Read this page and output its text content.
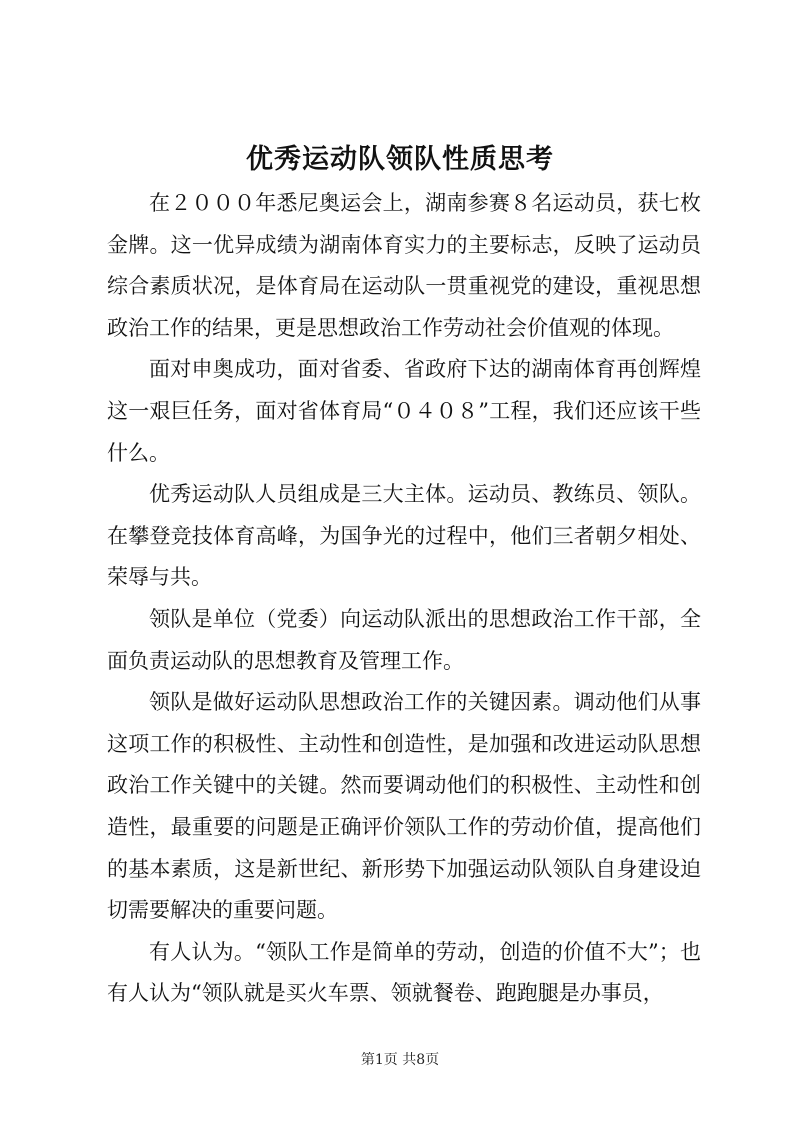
优秀运动队领队性质思考

在２０００年悉尼奥运会上，湖南参赛８名运动员，获七枚金牌。这一优异成绩为湖南体育实力的主要标志，反映了运动员综合素质状况，是体育局在运动队一贯重视党的建设，重视思想政治工作的结果，更是思想政治工作劳动社会价值观的体现。

面对申奥成功，面对省委、省政府下达的湖南体育再创辉煌这一艰巨任务，面对省体育局“０４０８”工程，我们还应该干些什么。

优秀运动队人员组成是三大主体。运动员、教练员、领队。在攀登竞技体育高峰，为国争光的过程中，他们三者朝夕相处、荣辱与共。

领队是单位（党委）向运动队派出的思想政治工作干部，全面负责运动队的思想教育及管理工作。

领队是做好运动队思想政治工作的关键因素。调动他们从事这项工作的积极性、主动性和创造性，是加强和改进运动队思想政治工作关键中的关键。然而要调动他们的积极性、主动性和创造性，最重要的问题是正确评价领队工作的劳动价值，提高他们的基本素质，这是新世纪、新形势下加强运动队领队自身建设迫切需要解决的重要问题。

有人认为。“领队工作是简单的劳动，创造的价值不大”；也有人认为“领队就是买火车票、领就餐卷、跑跑腿是办事员，

第1页 共8页
